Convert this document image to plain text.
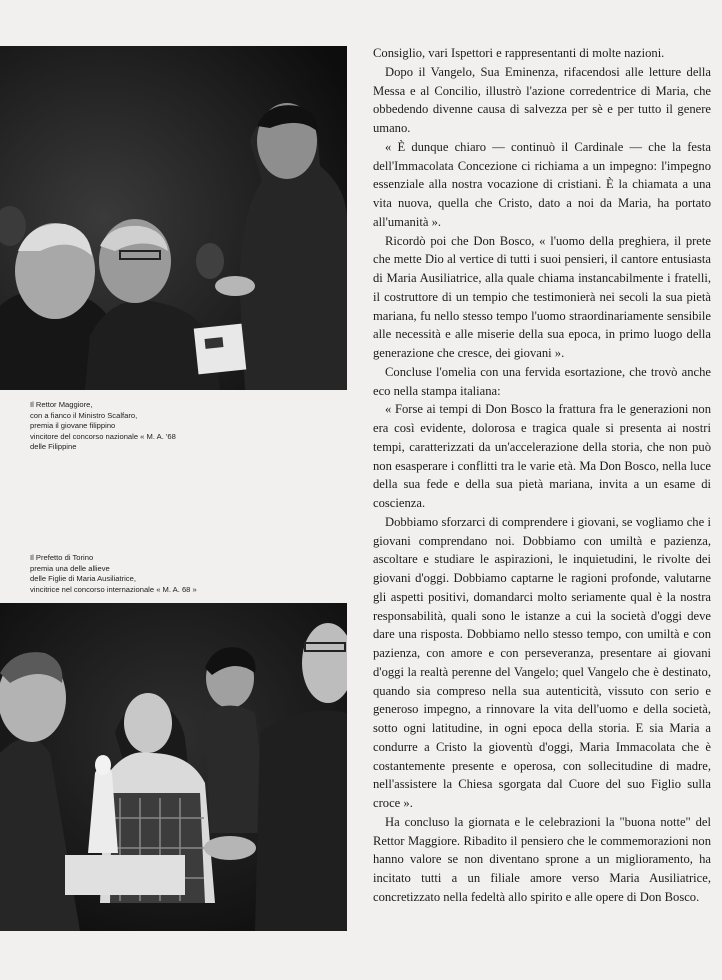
Il Rettor Maggiore,
con a fianco il Ministro Scalfaro,
premia il giovane filippino
vincitore del concorso nazionale « M. A. '68
delle Filippine
Il Prefetto di Torino
premia una delle allieve
delle Figlie di Maria Ausiliatrice,
vincitrice nel concorso internazionale « M. A. 68 »

Consiglio, vari Ispettori e rappresentanti di molte nazioni.

Dopo il Vangelo, Sua Eminenza, rifacendosi alle letture della Messa e al Concilio, illustrò l'azione corredentrice di Maria, che obbedendo divenne causa di salvezza per sè e per tutto il genere umano.

« È dunque chiaro — continuò il Cardinale — che la festa dell'Immacolata Concezione ci richiama a un impegno: l'impegno essenziale alla nostra vocazione di cristiani. È la chiamata a una vita nuova, quella che Cristo, dato a noi da Maria, ha portato all'umanità ».

Ricordò poi che Don Bosco, « l'uomo della preghiera, il prete che mette Dio al vertice di tutti i suoi pensieri, il cantore entusiasta di Maria Ausiliatrice, alla quale chiama instancabilmente i fratelli, il costruttore di un tempio che testimonierà nei secoli la sua pietà mariana, fu nello stesso tempo l'uomo straordinariamente sensibile alle necessità e alle miserie della sua epoca, in primo luogo della generazione che cresce, dei giovani ».

Concluse l'omelia con una fervida esortazione, che trovò anche eco nella stampa italiana:

« Forse ai tempi di Don Bosco la frattura fra le generazioni non era così evidente, dolorosa e tragica quale si presenta ai nostri tempi, caratterizzati da un'accelerazione della storia, che non può non esasperare i conflitti tra le varie età. Ma Don Bosco, nella luce della sua fede e della sua pietà mariana, invita a un esame di coscienza.

Dobbiamo sforzarci di comprendere i giovani, se vogliamo che i giovani comprendano noi. Dobbiamo con umiltà e pazienza, ascoltare e studiare le aspirazioni, le inquietudini, le rivolte dei giovani d'oggi. Dobbiamo captarne le ragioni profonde, valutarne gli aspetti positivi, domandarci molto seriamente qual è la nostra responsabilità, quali sono le istanze a cui la società d'oggi deve dare una risposta. Dobbiamo nello stesso tempo, con umiltà e con pazienza, con amore e con perseveranza, presentare ai giovani d'oggi la realtà perenne del Vangelo; quel Vangelo che è destinato, quando sia compreso nella sua autenticità, vissuto con serio e generoso impegno, a rinnovare la vita dell'uomo e della società, sotto ogni latitudine, in ogni epoca della storia. E sia Maria a condurre a Cristo la gioventù d'oggi, Maria Immacolata che è costantemente presente e operosa, con sollecitudine di madre, nell'assistere la Chiesa sgorgata dal Cuore del suo Figlio sulla croce ».

Ha concluso la giornata e le celebrazioni la "buona notte" del Rettor Maggiore. Ribadito il pensiero che le commemorazioni non hanno valore se non diventano sprone a un miglioramento, ha incitato tutti a un filiale amore verso Maria Ausiliatrice, concretizzato nella fedeltà allo spirito e alle opere di Don Bosco.
